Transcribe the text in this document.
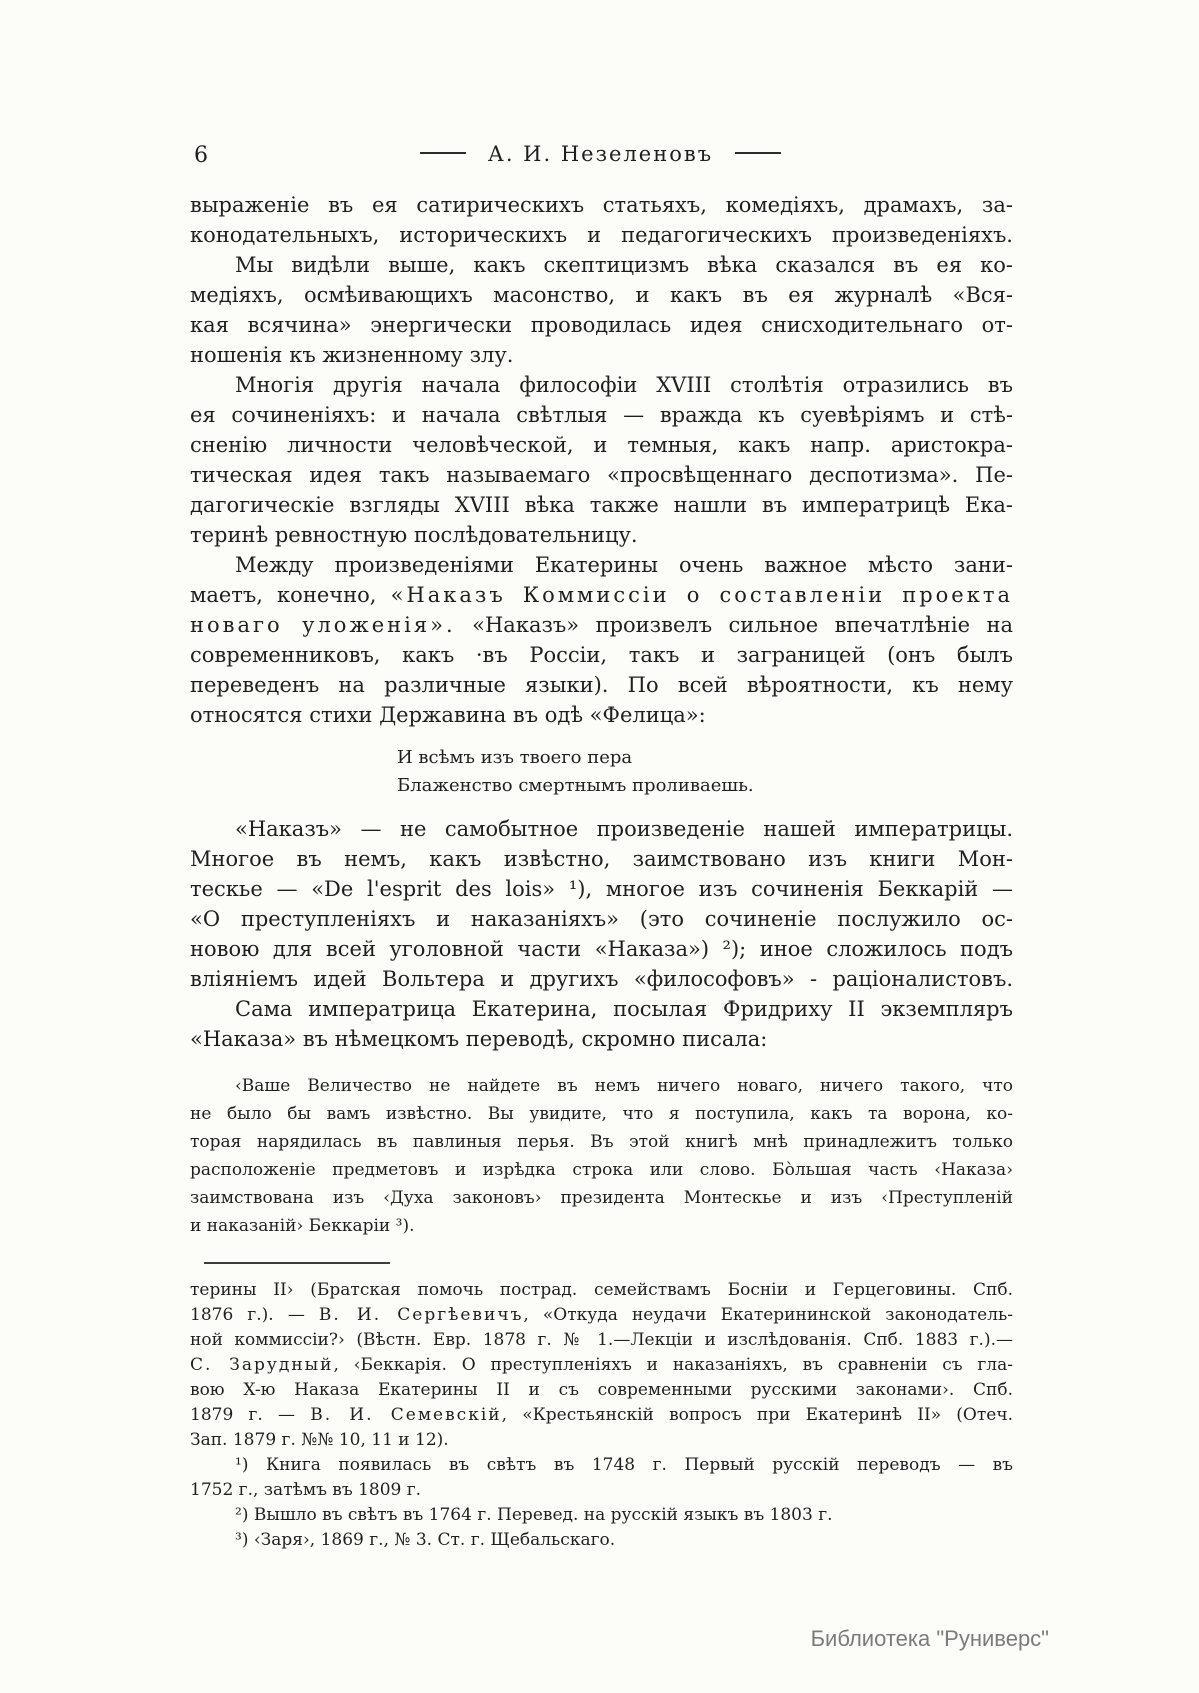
6	А. И. Незеленовъ
выраженіе въ ея сатирическихъ статьяхъ, комедіяхъ, драмахъ, за-
конодательныхъ, историческихъ и педагогическихъ произведеніяхъ.
Мы видѣли выше, какъ скептицизмъ вѣка сказался въ ея ко-
медіяхъ, осмѣивающихъ масонство, и какъ въ ея журналѣ «Вся-
кая всячина» энергически проводилась идея снисходительнаго от-
ношенія къ жизненному злу.
Многія другія начала философіи XVIII столѣтія отразились въ
ея сочиненіяхъ: и начала свѣтлыя — вражда къ суевѣріямъ и стѣ-
сненію личности человѣческой, и темныя, какъ напр. аристокра-
тическая идея такъ называемаго «просвѣщеннаго деспотизма». Пе-
дагогическіе взгляды XVIII вѣка также нашли въ императрицѣ Ека-
теринѣ ревностную послѣдовательницу.
Между произведеніями Екатерины очень важное мѣсто зани-
маетъ, конечно, «Наказъ Коммиссіи о составленіи проекта
новаго уложенія». «Наказъ» произвелъ сильное впечатлѣніе на
современниковъ, какъ ·въ Россіи, такъ и заграницей (онъ былъ
переведенъ на различные языки). По всей вѣроятности, къ нему
относятся стихи Державина въ одѣ «Фелица»:
И всѣмъ изъ твоего пера
Блаженство смертнымъ проливаешь.
«Наказъ» — не самобытное произведеніе нашей императрицы.
Многое въ немъ, какъ извѣстно, заимствовано изъ книги Мон-
тескье — «De l'esprit des lois» ¹), многое изъ сочиненія Беккарій —
«О преступленіяхъ и наказаніяхъ» (это сочиненіе послужило ос-
новою для всей уголовной части «Наказа») ²); иное сложилось подъ
вліяніемъ идей Вольтера и другихъ «философовъ» - раціоналистовъ.
Сама императрица Екатерина, посылая Фридриху II экземпляръ
«Наказа» въ нѣмецкомъ переводѣ, скромно писала:
‹Ваше Величество не найдете въ немъ ничего новаго, ничего такого, что
не было бы вамъ извѣстно. Вы увидите, что я поступила, какъ та ворона, ко-
торая нарядилась въ павлиныя перья. Въ этой книгѣ мнѣ принадлежитъ только
расположеніе предметовъ и изрѣдка строка или слово. Бо̀льшая часть ‹Наказа›
заимствована изъ ‹Духа законовъ› президента Монтескье и изъ ‹Преступленій
и наказаній› Беккаріи ³).
терины II› (Братская помочь пострад. семействамъ Босніи и Герцеговины. Спб.
1876 г.). — В. И. Сергѣевичъ, «Откуда неудачи Екатерининской законодатель-
ной коммиссіи?› (Вѣстн. Евр. 1878 г. № 1.—Лекціи и изслѣдованія. Спб. 1883 г.).—
С. Зарудный, ‹Беккарія. О преступленіяхъ и наказаніяхъ, въ сравненіи съ гла-
вою X-ю Наказа Екатерины II и съ современными русскими законами›. Спб.
1879 г. — В. И. Семевскій, «Крестьянскій вопросъ при Екатеринѣ II» (Отеч.
Зап. 1879 г. №№ 10, 11 и 12).
¹) Книга появилась въ свѣтъ въ 1748 г. Первый русскій переводъ — въ
1752 г., затѣмъ въ 1809 г.
²) Вышло въ свѣтъ въ 1764 г. Перевед. на русскій языкъ въ 1803 г.
³) ‹Заря›, 1869 г., № 3. Ст. г. Щебальскаго.
Библиотека "Руниверс"
